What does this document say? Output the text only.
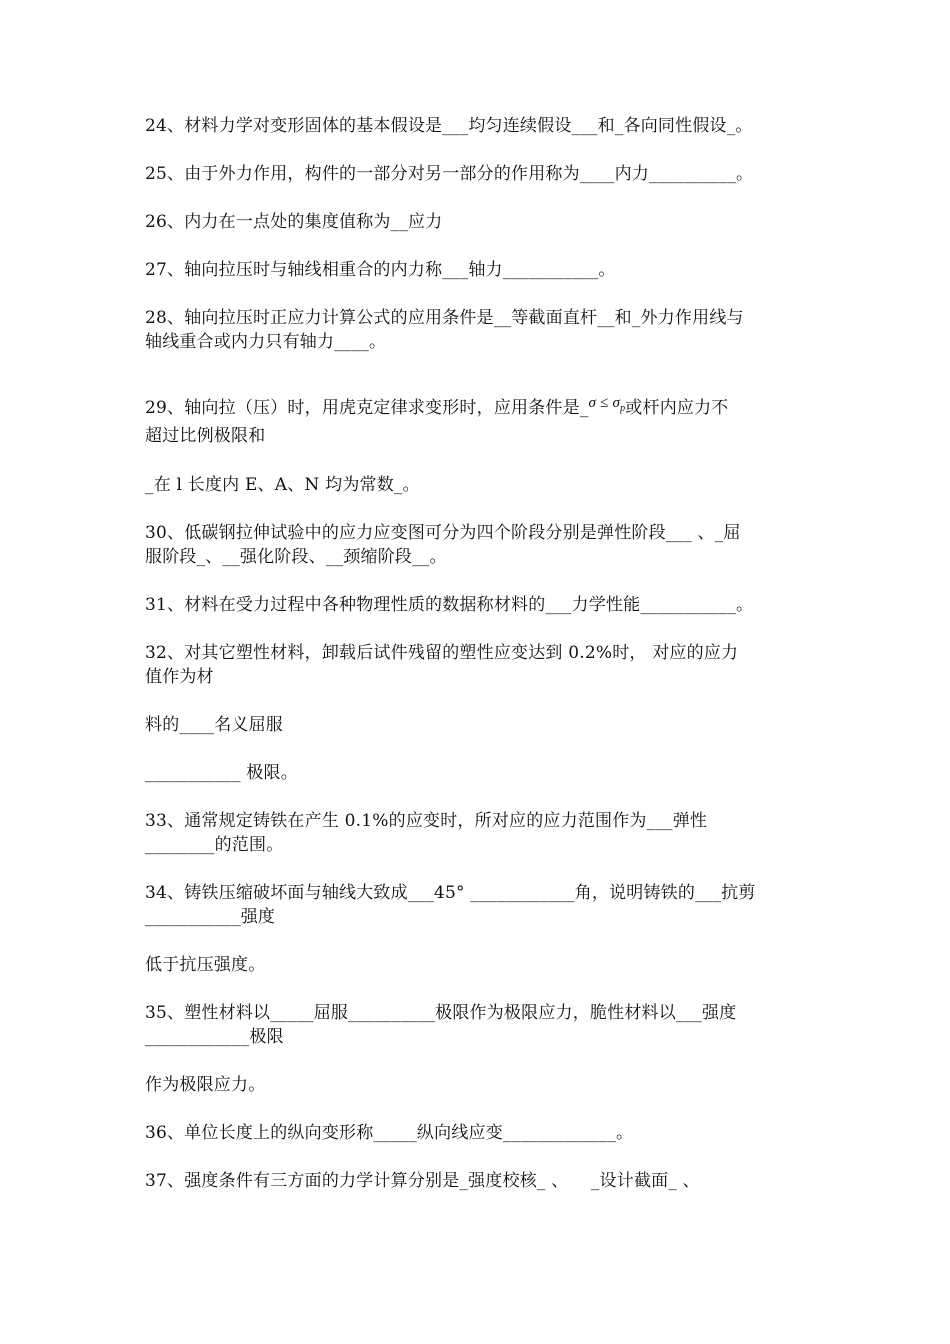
24、材料力学对变形固体的基本假设是___均匀连续假设___和_各向同性假设_。

25、由于外力作用，构件的一部分对另一部分的作用称为____内力__________。

26、内力在一点处的集度值称为__应力

27、轴向拉压时与轴线相重合的内力称___轴力___________。

28、轴向拉压时正应力计算公式的应用条件是__等截面直杆__和_外力作用线与

轴线重合或内力只有轴力____。

29、轴向拉（压）时，用虎克定律求变形时，应用条件是_σ ≤ $\sigma_p$或杆内应力不

超过比例极限和

_在 l 长度内 E、A、N 均为常数_。

30、低碳钢拉伸试验中的应力应变图可分为四个阶段分别是弹性阶段___ 、_屈

服阶段_、__强化阶段、__颈缩阶段__。

31、材料在受力过程中各种物理性质的数据称材料的___力学性能___________。

32、对其它塑性材料，卸载后试件残留的塑性应变达到 0.2%时， 对应的应力

值作为材

料的____名义屈服

___________ 极限。

33、通常规定铸铁在产生 0.1%的应变时，所对应的应力范围作为___弹性

________的范围。

34、铸铁压缩破坏面与轴线大致成___45° ____________角，说明铸铁的___抗剪

___________强度

低于抗压强度。

35、塑性材料以_____屈服__________极限作为极限应力，脆性材料以___强度

____________极限

作为极限应力。

36、单位长度上的纵向变形称_____纵向线应变_____________。

37、强度条件有三方面的力学计算分别是_强度校核_ 、    _设计截面_ 、
